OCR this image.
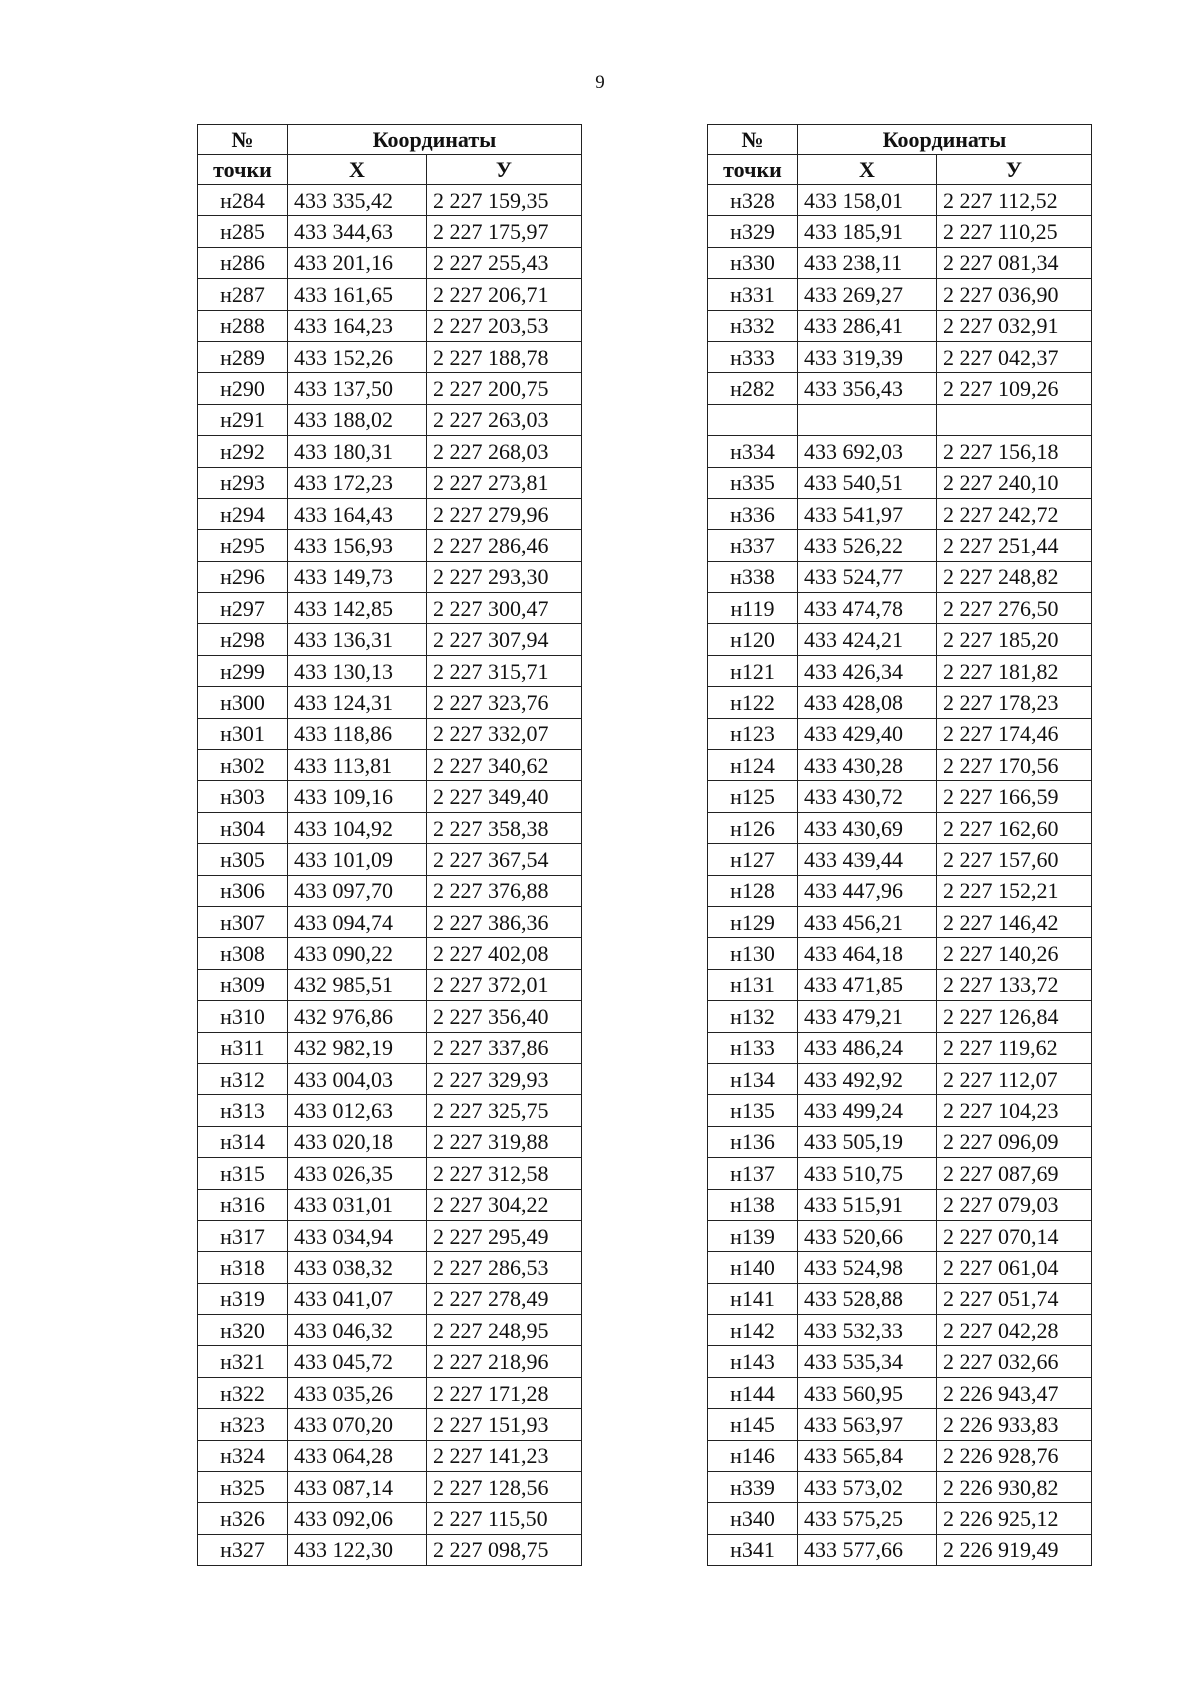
9
№	Координаты	
точки	X	У
н284	433 335,42	2 227 159,35
н285	433 344,63	2 227 175,97
н286	433 201,16	2 227 255,43
н287	433 161,65	2 227 206,71
н288	433 164,23	2 227 203,53
н289	433 152,26	2 227 188,78
н290	433 137,50	2 227 200,75
н291	433 188,02	2 227 263,03
н292	433 180,31	2 227 268,03
н293	433 172,23	2 227 273,81
н294	433 164,43	2 227 279,96
н295	433 156,93	2 227 286,46
н296	433 149,73	2 227 293,30
н297	433 142,85	2 227 300,47
н298	433 136,31	2 227 307,94
н299	433 130,13	2 227 315,71
н300	433 124,31	2 227 323,76
н301	433 118,86	2 227 332,07
н302	433 113,81	2 227 340,62
н303	433 109,16	2 227 349,40
н304	433 104,92	2 227 358,38
н305	433 101,09	2 227 367,54
н306	433 097,70	2 227 376,88
н307	433 094,74	2 227 386,36
н308	433 090,22	2 227 402,08
н309	432 985,51	2 227 372,01
н310	432 976,86	2 227 356,40
н311	432 982,19	2 227 337,86
н312	433 004,03	2 227 329,93
н313	433 012,63	2 227 325,75
н314	433 020,18	2 227 319,88
н315	433 026,35	2 227 312,58
н316	433 031,01	2 227 304,22
н317	433 034,94	2 227 295,49
н318	433 038,32	2 227 286,53
н319	433 041,07	2 227 278,49
н320	433 046,32	2 227 248,95
н321	433 045,72	2 227 218,96
н322	433 035,26	2 227 171,28
н323	433 070,20	2 227 151,93
н324	433 064,28	2 227 141,23
н325	433 087,14	2 227 128,56
н326	433 092,06	2 227 115,50
н327	433 122,30	2 227 098,75
№	Координаты	
точки	X	У
н328	433 158,01	2 227 112,52
н329	433 185,91	2 227 110,25
н330	433 238,11	2 227 081,34
н331	433 269,27	2 227 036,90
н332	433 286,41	2 227 032,91
н333	433 319,39	2 227 042,37
н282	433 356,43	2 227 109,26

н334	433 692,03	2 227 156,18
н335	433 540,51	2 227 240,10
н336	433 541,97	2 227 242,72
н337	433 526,22	2 227 251,44
н338	433 524,77	2 227 248,82
н119	433 474,78	2 227 276,50
н120	433 424,21	2 227 185,20
н121	433 426,34	2 227 181,82
н122	433 428,08	2 227 178,23
н123	433 429,40	2 227 174,46
н124	433 430,28	2 227 170,56
н125	433 430,72	2 227 166,59
н126	433 430,69	2 227 162,60
н127	433 439,44	2 227 157,60
н128	433 447,96	2 227 152,21
н129	433 456,21	2 227 146,42
н130	433 464,18	2 227 140,26
н131	433 471,85	2 227 133,72
н132	433 479,21	2 227 126,84
н133	433 486,24	2 227 119,62
н134	433 492,92	2 227 112,07
н135	433 499,24	2 227 104,23
н136	433 505,19	2 227 096,09
н137	433 510,75	2 227 087,69
н138	433 515,91	2 227 079,03
н139	433 520,66	2 227 070,14
н140	433 524,98	2 227 061,04
н141	433 528,88	2 227 051,74
н142	433 532,33	2 227 042,28
н143	433 535,34	2 227 032,66
н144	433 560,95	2 226 943,47
н145	433 563,97	2 226 933,83
н146	433 565,84	2 226 928,76
н339	433 573,02	2 226 930,82
н340	433 575,25	2 226 925,12
н341	433 577,66	2 226 919,49
